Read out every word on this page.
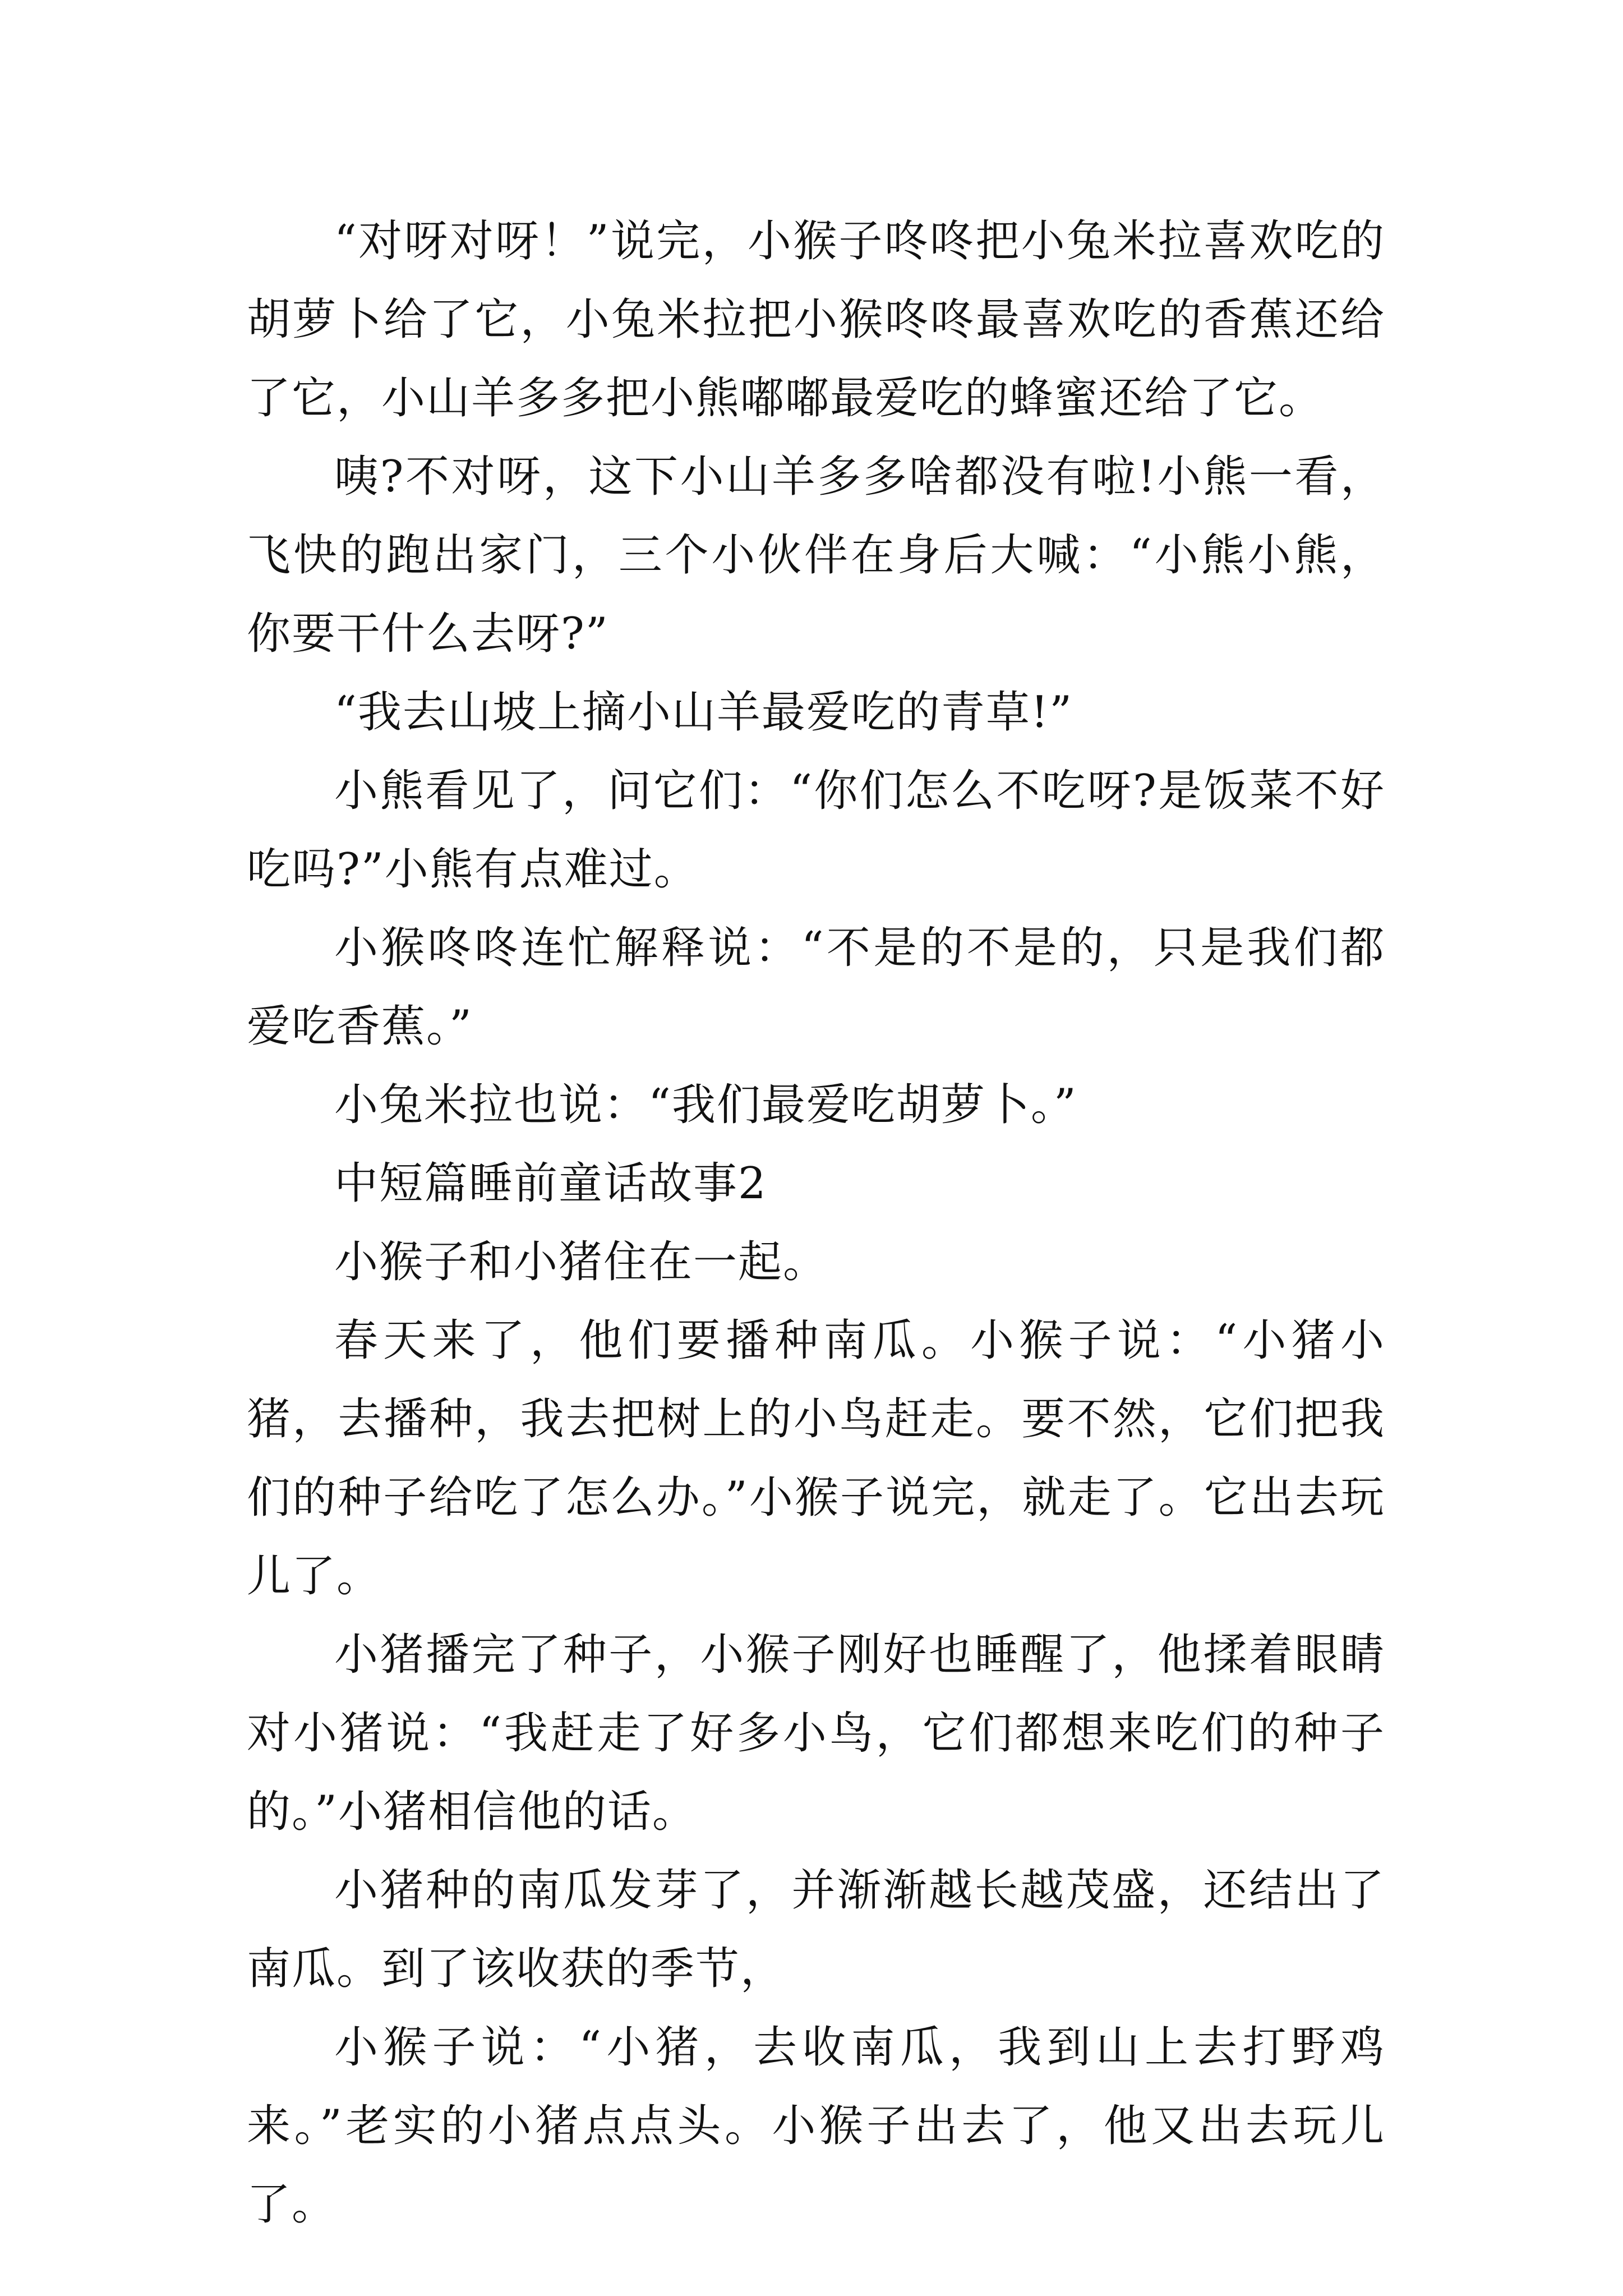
“对呀对呀！”说完，小猴子咚咚把小兔米拉喜欢吃的胡萝卜给了它，小兔米拉把小猴咚咚最喜欢吃的香蕉还给了它，小山羊多多把小熊嘟嘟最爱吃的蜂蜜还给了它。

咦?不对呀，这下小山羊多多啥都没有啦!小熊一看，飞快的跑出家门，三个小伙伴在身后大喊：“小熊小熊，你要干什么去呀?”

“我去山坡上摘小山羊最爱吃的青草!”

小熊看见了，问它们：“你们怎么不吃呀?是饭菜不好吃吗?”小熊有点难过。

小猴咚咚连忙解释说：“不是的不是的，只是我们都爱吃香蕉。”

小兔米拉也说：“我们最爱吃胡萝卜。”

中短篇睡前童话故事2

小猴子和小猪住在一起。

春天来了，他们要播种南瓜。小猴子说：“小猪小猪，去播种，我去把树上的小鸟赶走。要不然，它们把我们的种子给吃了怎么办。”小猴子说完，就走了。它出去玩儿了。

小猪播完了种子，小猴子刚好也睡醒了，他揉着眼睛对小猪说：“我赶走了好多小鸟，它们都想来吃们的种子的。”小猪相信他的话。

小猪种的南瓜发芽了，并渐渐越长越茂盛，还结出了南瓜。到了该收获的季节，

小猴子说：“小猪，去收南瓜，我到山上去打野鸡来。”老实的小猪点点头。小猴子出去了，他又出去玩儿了。
